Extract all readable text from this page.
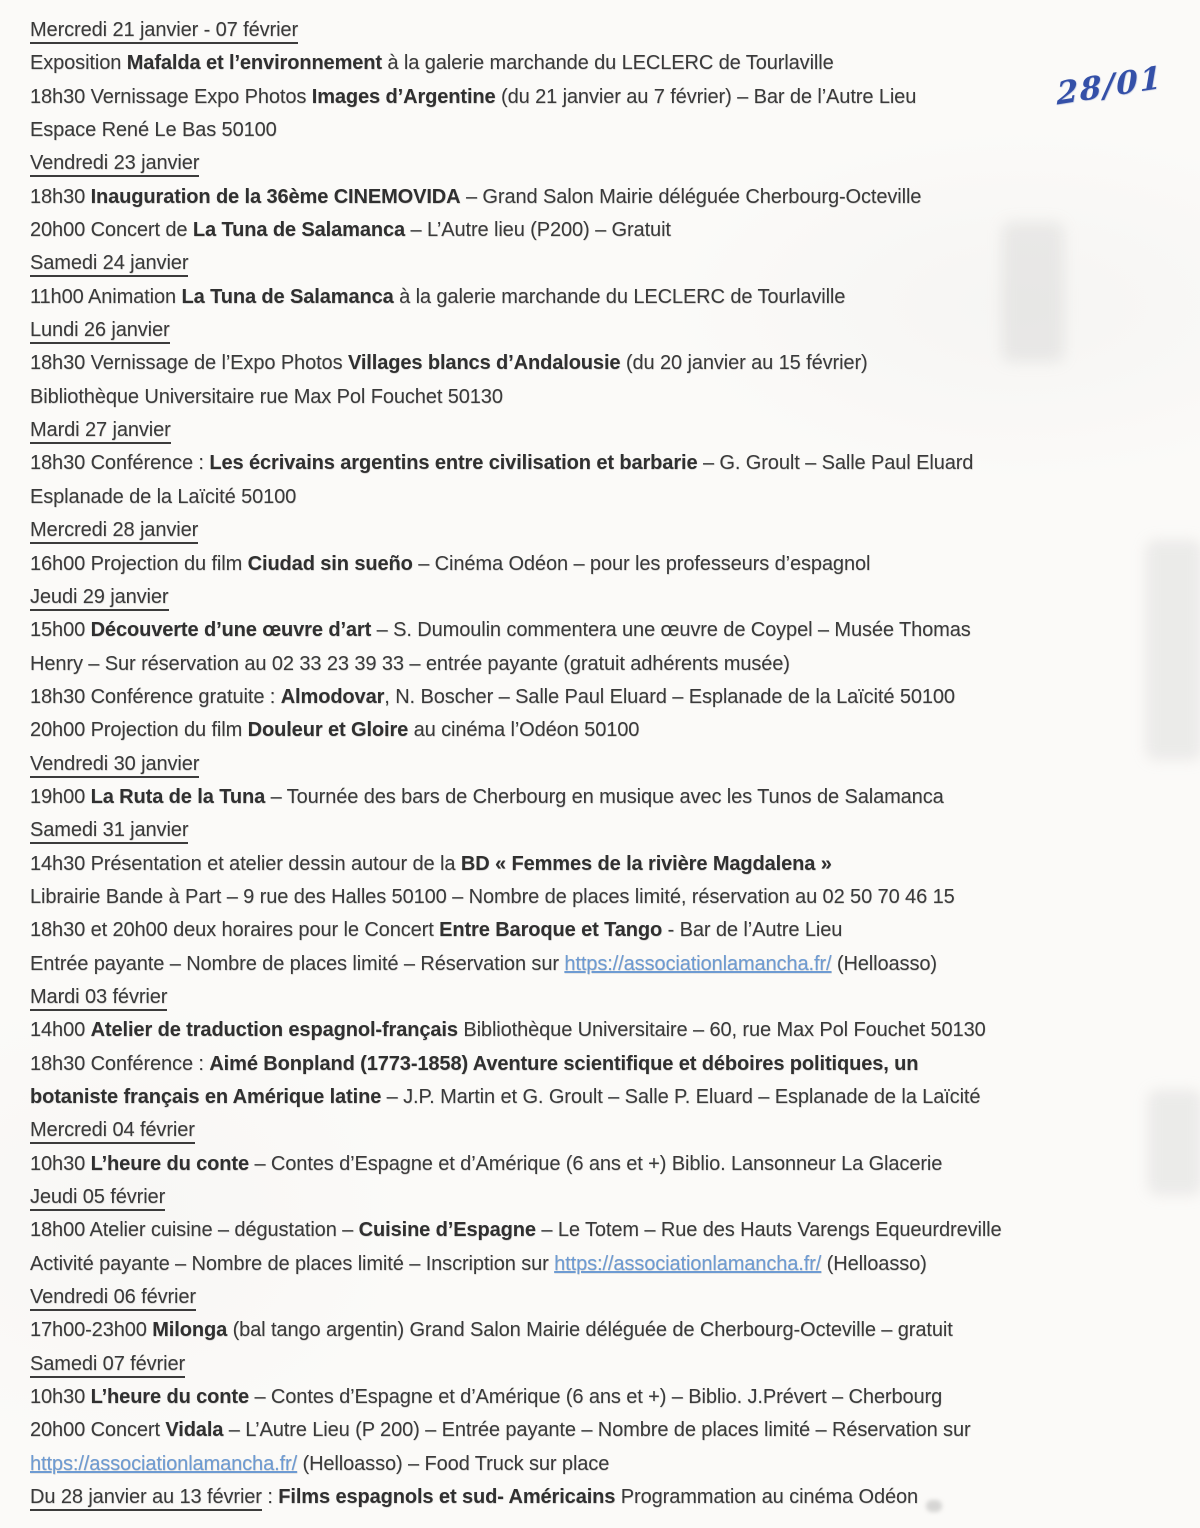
Mercredi 21 janvier - 07 février
Exposition Mafalda et l’environnement à la galerie marchande du LECLERC de Tourlaville
18h30 Vernissage Expo Photos Images d’Argentine (du 21 janvier au 7 février) – Bar de l’Autre Lieu
Espace René Le Bas 50100
Vendredi 23 janvier
18h30 Inauguration de la 36ème CINEMOVIDA – Grand Salon Mairie déléguée Cherbourg-Octeville
20h00 Concert de La Tuna de Salamanca – L’Autre lieu (P200) – Gratuit
Samedi 24 janvier
11h00 Animation La Tuna de Salamanca à la galerie marchande du LECLERC de Tourlaville
Lundi 26 janvier
18h30 Vernissage de l’Expo Photos Villages blancs d’Andalousie (du 20 janvier au 15 février)
Bibliothèque Universitaire rue Max Pol Fouchet 50130
Mardi 27 janvier
18h30 Conférence : Les écrivains argentins entre civilisation et barbarie – G. Groult – Salle Paul Eluard
Esplanade de la Laïcité 50100
Mercredi 28 janvier
16h00 Projection du film Ciudad sin sueño – Cinéma Odéon – pour les professeurs d’espagnol
Jeudi 29 janvier
15h00 Découverte d’une œuvre d’art – S. Dumoulin commentera une œuvre de Coypel – Musée Thomas
Henry – Sur réservation au 02 33 23 39 33 – entrée payante (gratuit adhérents musée)
18h30 Conférence gratuite : Almodovar, N. Boscher – Salle Paul Eluard – Esplanade de la Laïcité 50100
20h00 Projection du film Douleur et Gloire au cinéma l’Odéon 50100
Vendredi 30 janvier
19h00 La Ruta de la Tuna – Tournée des bars de Cherbourg en musique avec les Tunos de Salamanca
Samedi 31 janvier
14h30 Présentation et atelier dessin autour de la BD « Femmes de la rivière Magdalena »
Librairie Bande à Part – 9 rue des Halles 50100 – Nombre de places limité, réservation au 02 50 70 46 15
18h30 et 20h00 deux horaires pour le Concert Entre Baroque et Tango - Bar de l’Autre Lieu
Entrée payante – Nombre de places limité – Réservation sur https://associationlamancha.fr/ (Helloasso)
Mardi 03 février
14h00 Atelier de traduction espagnol-français Bibliothèque Universitaire – 60, rue Max Pol Fouchet 50130
18h30 Conférence : Aimé Bonpland (1773-1858) Aventure scientifique et déboires politiques, un
botaniste français en Amérique latine – J.P. Martin et G. Groult – Salle P. Eluard – Esplanade de la Laïcité
Mercredi 04 février
10h30 L’heure du conte – Contes d’Espagne et d’Amérique (6 ans et +) Biblio. Lansonneur La Glacerie
Jeudi 05 février
18h00 Atelier cuisine – dégustation – Cuisine d’Espagne – Le Totem – Rue des Hauts Varengs Equeurdreville
Activité payante – Nombre de places limité – Inscription sur https://associationlamancha.fr/ (Helloasso)
Vendredi 06 février
17h00-23h00 Milonga (bal tango argentin) Grand Salon Mairie déléguée de Cherbourg-Octeville – gratuit
Samedi 07 février
10h30 L’heure du conte – Contes d’Espagne et d’Amérique (6 ans et +) – Biblio. J.Prévert – Cherbourg
20h00 Concert Vidala – L’Autre Lieu (P 200) – Entrée payante – Nombre de places limité – Réservation sur
https://associationlamancha.fr/ (Helloasso) – Food Truck sur place
Du 28 janvier au 13 février : Films espagnols et sud- Américains Programmation au cinéma Odéon
28/01
